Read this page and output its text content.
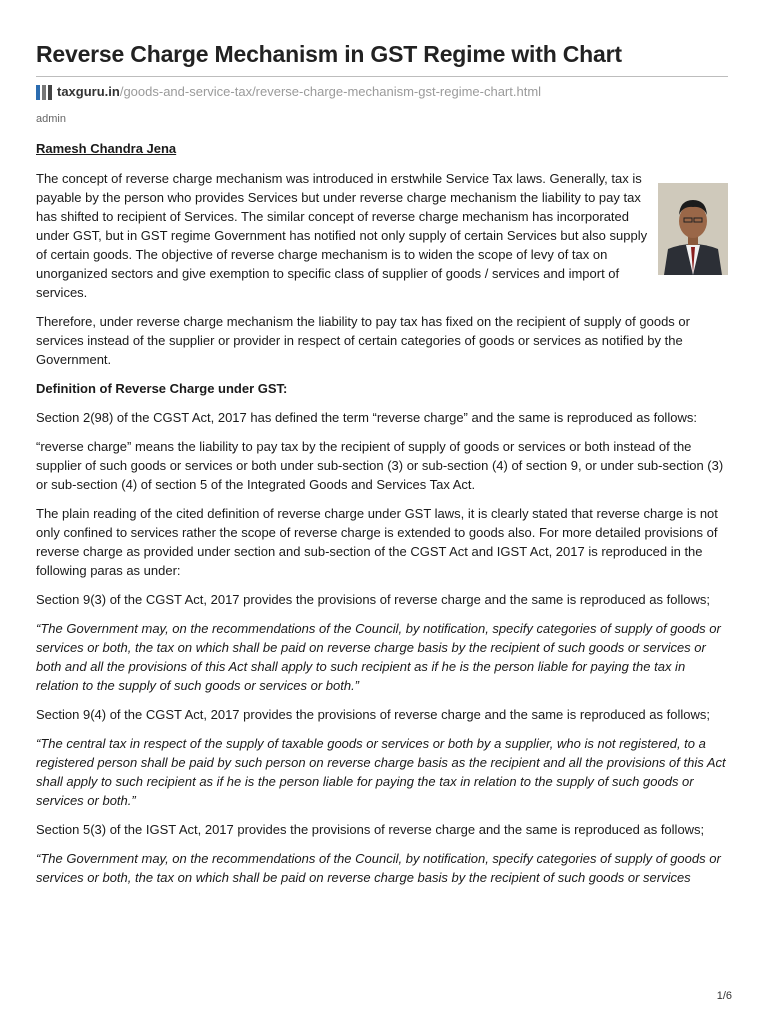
Reverse Charge Mechanism in GST Regime with Chart
taxguru.in /goods-and-service-tax/reverse-charge-mechanism-gst-regime-chart.html
admin
Ramesh Chandra Jena

The concept of reverse charge mechanism was introduced in erstwhile Service Tax laws. Generally, tax is payable by the person who provides Services but under reverse charge mechanism the liability to pay tax has shifted to recipient of Services. The similar concept of reverse charge mechanism has incorporated under GST, but in GST regime Government has notified not only supply of certain Services but also supply of certain goods. The objective of reverse charge mechanism is to widen the scope of levy of tax on unorganized sectors and give exemption to specific class of supplier of goods / services and import of services.

Therefore, under reverse charge mechanism the liability to pay tax has fixed on the recipient of supply of goods or services instead of the supplier or provider in respect of certain categories of goods or services as notified by the Government.

Definition of Reverse Charge under GST:

Section 2(98) of the CGST Act, 2017 has defined the term “reverse charge” and the same is reproduced as follows:

“reverse charge” means the liability to pay tax by the recipient of supply of goods or services or both instead of the supplier of such goods or services or both under sub-section (3) or sub-section (4) of section 9, or under sub-section (3) or sub-section (4) of section 5 of the Integrated Goods and Services Tax Act.

The plain reading of the cited definition of reverse charge under GST laws, it is clearly stated that reverse charge is not only confined to services rather the scope of reverse charge is extended to goods also. For more detailed provisions of reverse charge as provided under section and sub-section of the CGST Act and IGST Act, 2017 is reproduced in the following paras as under:

Section 9(3) of the CGST Act, 2017 provides the provisions of reverse charge and the same is reproduced as follows;

“The Government may, on the recommendations of the Council, by notification, specify categories of supply of goods or services or both, the tax on which shall be paid on reverse charge basis by the recipient of such goods or services or both and all the provisions of this Act shall apply to such recipient as if he is the person liable for paying the tax in relation to the supply of such goods or services or both.”

Section 9(4) of the CGST Act, 2017 provides the provisions of reverse charge and the same is reproduced as follows;

“The central tax in respect of the supply of taxable goods or services or both by a supplier, who is not registered, to a registered person shall be paid by such person on reverse charge basis as the recipient and all the provisions of this Act shall apply to such recipient as if he is the person liable for paying the tax in relation to the supply of such goods or services or both.”

Section 5(3) of the IGST Act, 2017 provides the provisions of reverse charge and the same is reproduced as follows;

“The Government may, on the recommendations of the Council, by notification, specify categories of supply of goods or services or both, the tax on which shall be paid on reverse charge basis by the recipient of such goods or services

1/6
